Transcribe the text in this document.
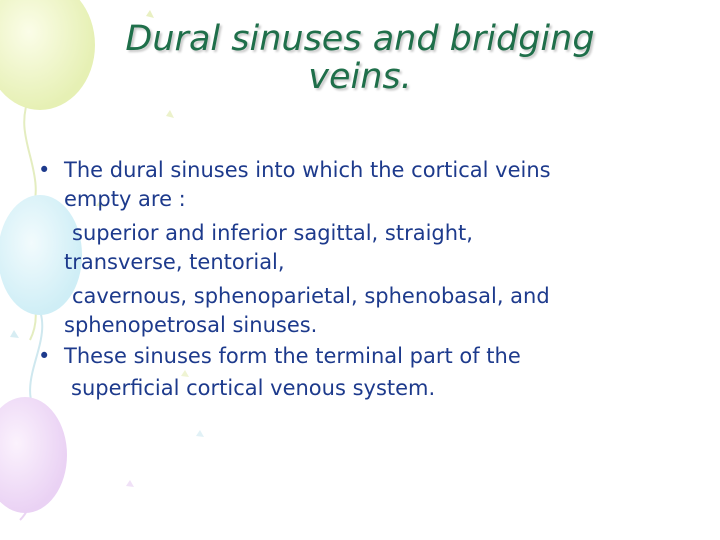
Dural sinuses and bridging
veins.
• The dural sinuses into which the cortical veins
empty are :
superior and inferior sagittal, straight,
transverse, tentorial,
cavernous, sphenoparietal, sphenobasal, and
sphenopetrosal sinuses.
• These sinuses form the terminal part of the
superficial cortical venous system.
